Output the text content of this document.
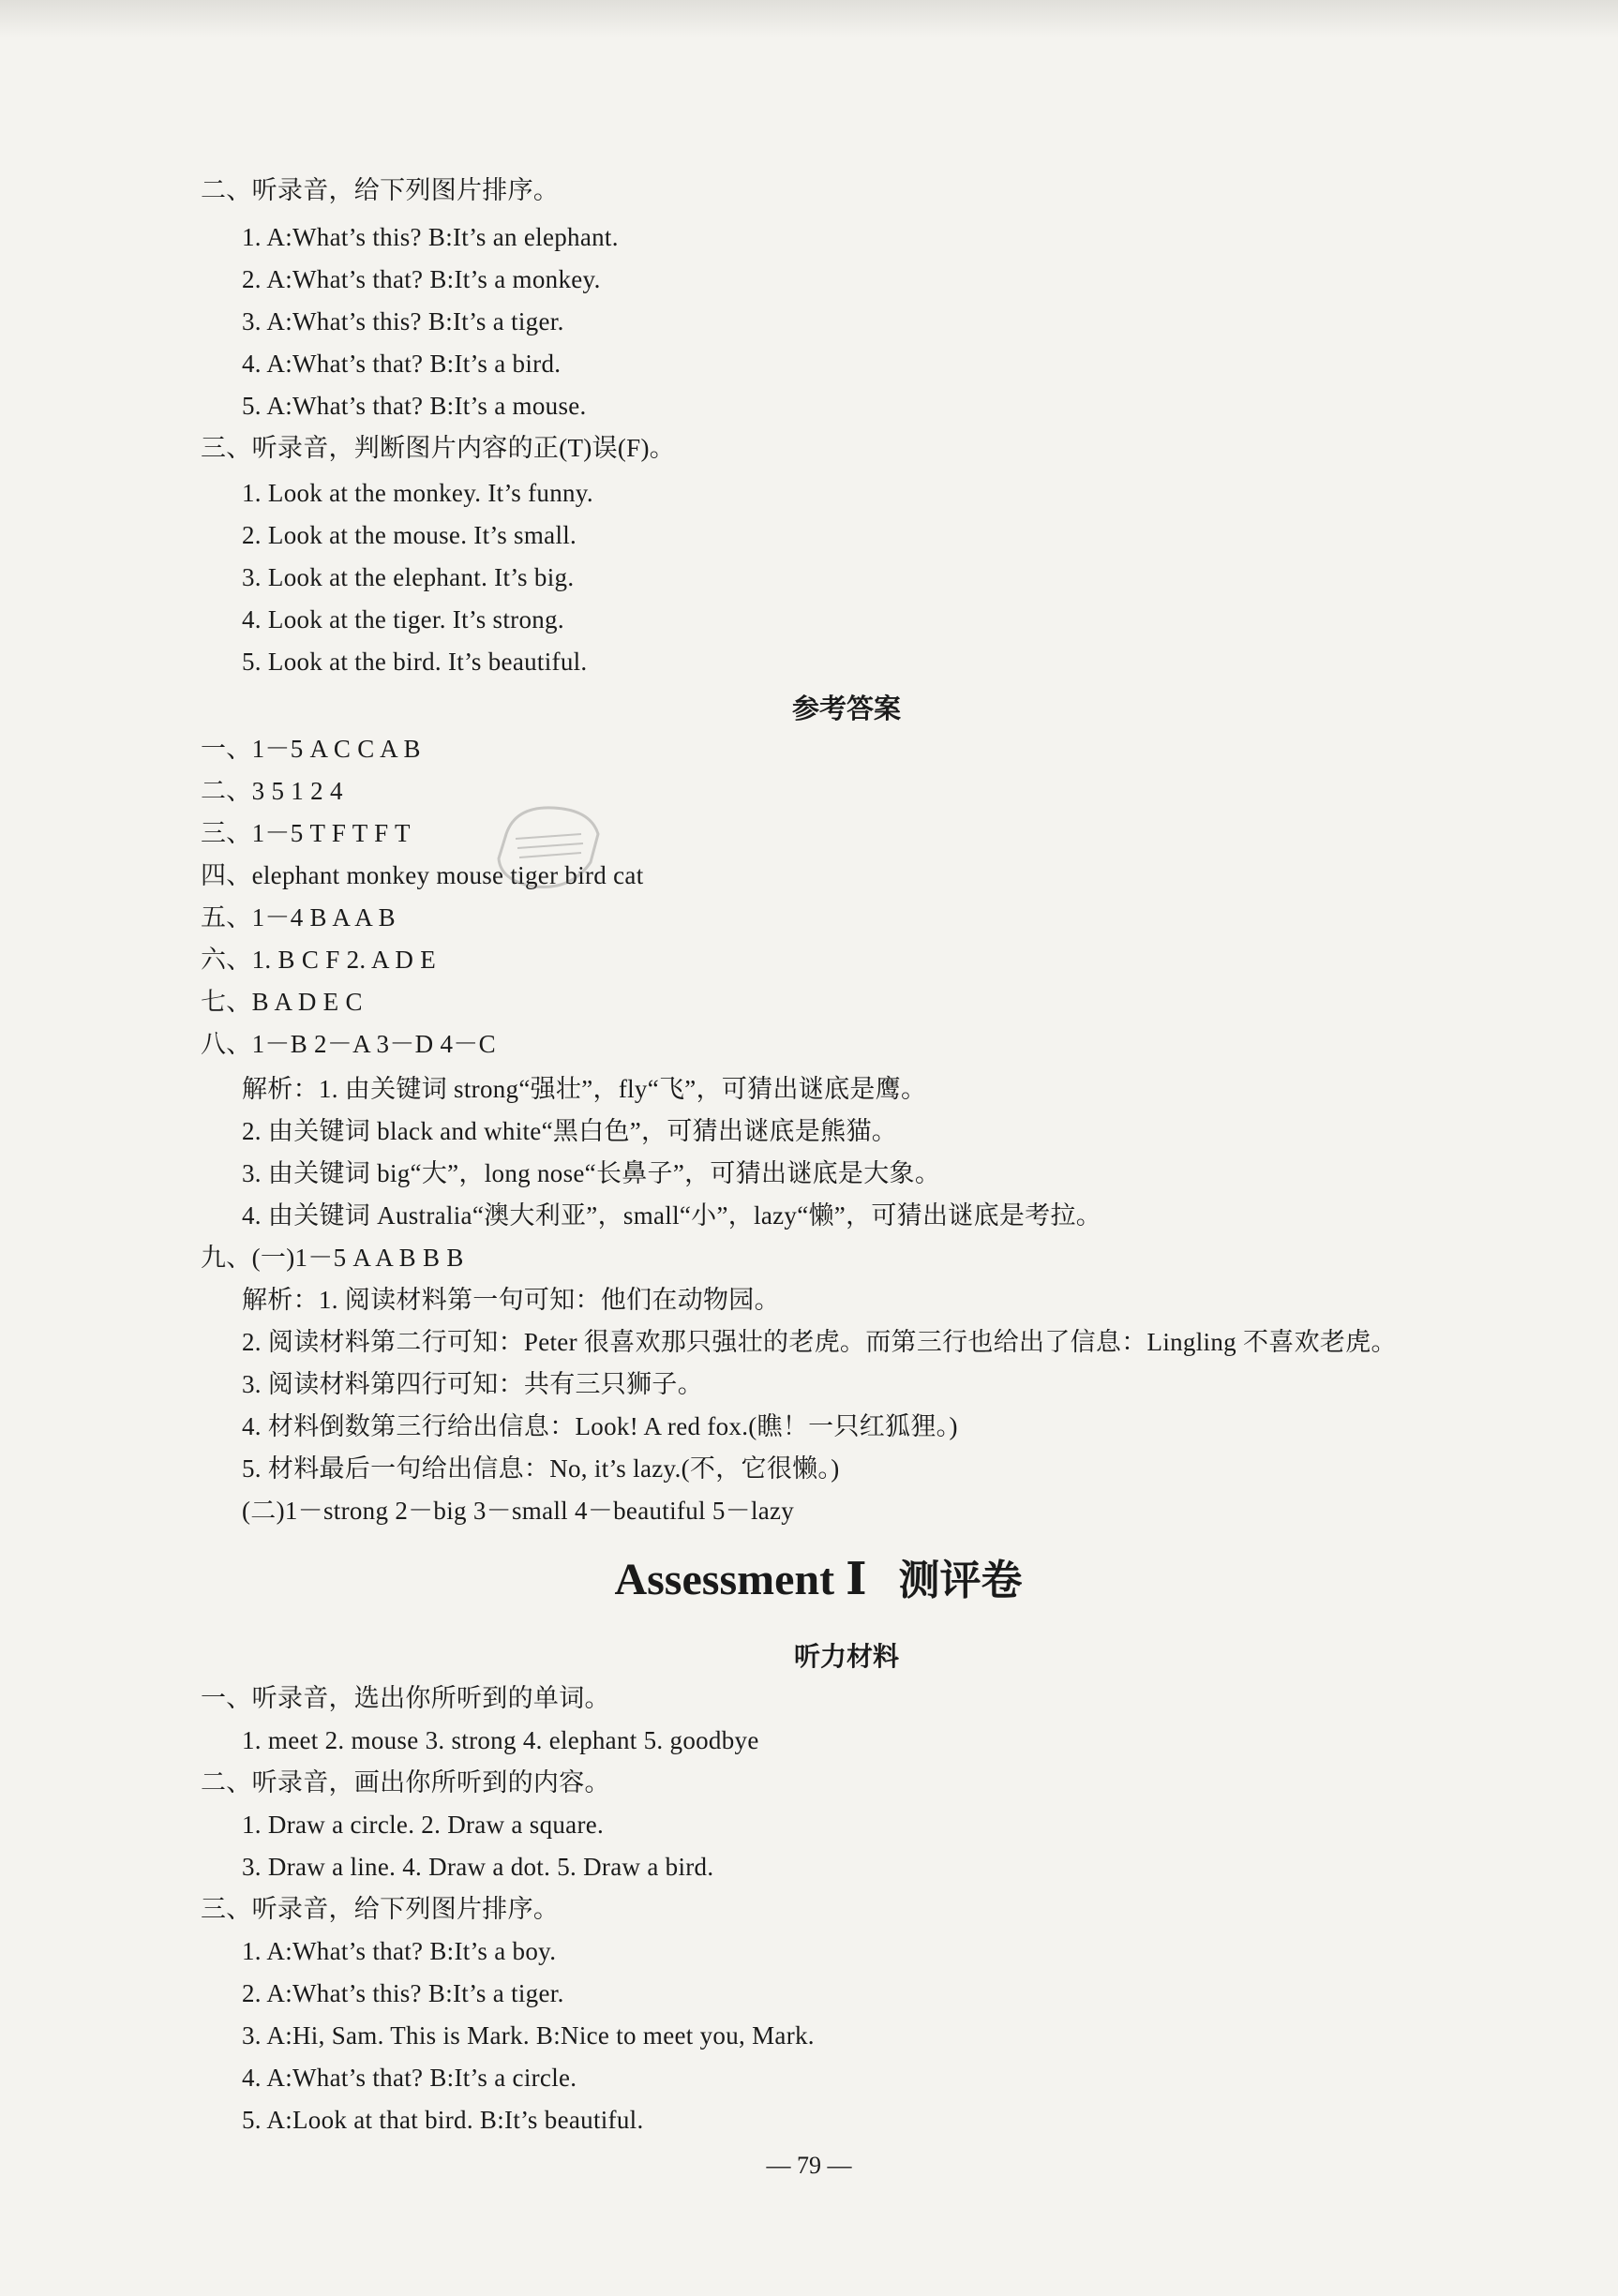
二、听录音，给下列图片排序。
1. A:What’s this? B:It’s an elephant.
2. A:What’s that? B:It’s a monkey.
3. A:What’s this? B:It’s a tiger.
4. A:What’s that? B:It’s a bird.
5. A:What’s that? B:It’s a mouse.
三、听录音，判断图片内容的正(T)误(F)。
1. Look at the monkey. It’s funny.
2. Look at the mouse. It’s small.
3. Look at the elephant. It’s big.
4. Look at the tiger. It’s strong.
5. Look at the bird. It’s beautiful.
参考答案
一、1－5 A C C A B
二、3 5 1 2 4
三、1－5 T F T F T
四、elephant monkey mouse tiger bird cat
五、1－4 B A A B
六、1. B C F 2. A D E
七、B A D E C
八、1－B 2－A 3－D 4－C
解析：1. 由关键词 strong“强壮”，fly“飞”，可猜出谜底是鹰。
2. 由关键词 black and white“黑白色”，可猜出谜底是熊猫。
3. 由关键词 big“大”，long nose“长鼻子”，可猜出谜底是大象。
4. 由关键词 Australia“澳大利亚”，small“小”，lazy“懒”，可猜出谜底是考拉。
九、(一)1－5 A A B B B
解析：1. 阅读材料第一句可知：他们在动物园。
2. 阅读材料第二行可知：Peter 很喜欢那只强壮的老虎。而第三行也给出了信息：Lingling 不喜欢老虎。
3. 阅读材料第四行可知：共有三只狮子。
4. 材料倒数第三行给出信息：Look! A red fox.(瞧！一只红狐狸。)
5. 材料最后一句给出信息：No, it’s lazy.(不，它很懒。)
(二)1－strong 2－big 3－small 4－beautiful 5－lazy
Assessment Ⅰ 测评卷
听力材料
一、听录音，选出你所听到的单词。
1. meet 2. mouse 3. strong 4. elephant 5. goodbye
二、听录音，画出你所听到的内容。
1. Draw a circle. 2. Draw a square.
3. Draw a line. 4. Draw a dot. 5. Draw a bird.
三、听录音，给下列图片排序。
1. A:What’s that? B:It’s a boy.
2. A:What’s this? B:It’s a tiger.
3. A:Hi, Sam. This is Mark. B:Nice to meet you, Mark.
4. A:What’s that? B:It’s a circle.
5. A:Look at that bird. B:It’s beautiful.
— 79 —
